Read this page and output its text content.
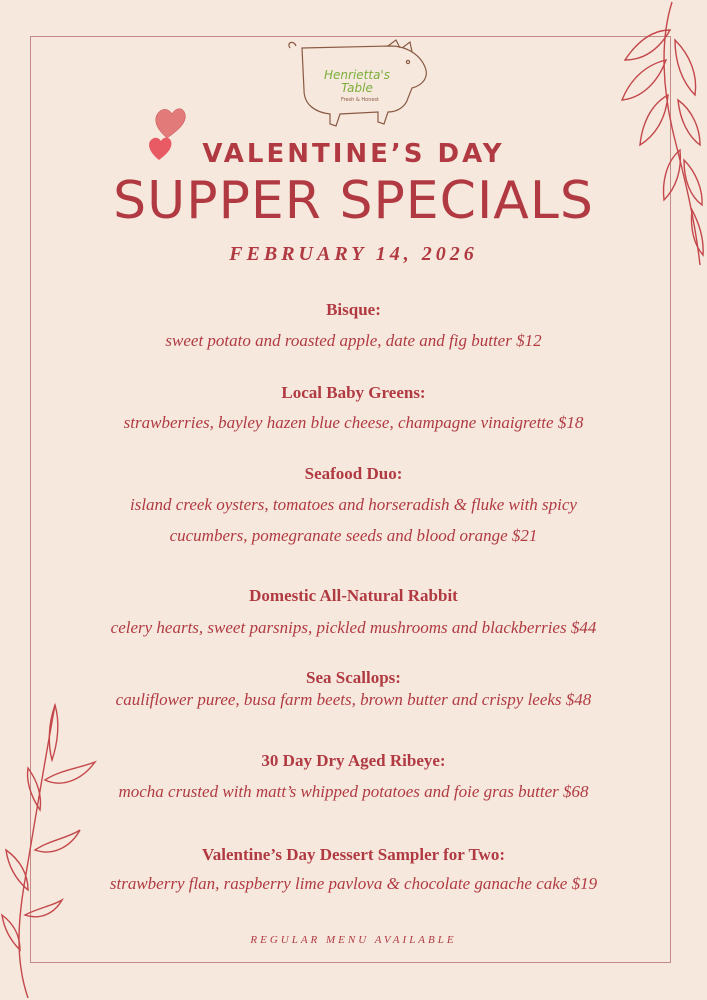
Henrietta's Table
Fresh & Honest
VALENTINE’S DAY
SUPPER SPECIALS
FEBRUARY 14, 2026
Bisque:
sweet potato and roasted apple, date and fig butter $12
Local Baby Greens:
strawberries, bayley hazen blue cheese, champagne vinaigrette $18
Seafood Duo:
island creek oysters, tomatoes and horseradish & fluke with spicy
cucumbers, pomegranate seeds and blood orange $21
Domestic All-Natural Rabbit
celery hearts, sweet parsnips, pickled mushrooms and blackberries $44
Sea Scallops:
cauliflower puree, busa farm beets, brown butter and crispy leeks $48
30 Day Dry Aged Ribeye:
mocha crusted with matt’s whipped potatoes and foie gras butter $68
Valentine’s Day Dessert Sampler for Two:
strawberry flan, raspberry lime pavlova & chocolate ganache cake $19
REGULAR MENU AVAILABLE
